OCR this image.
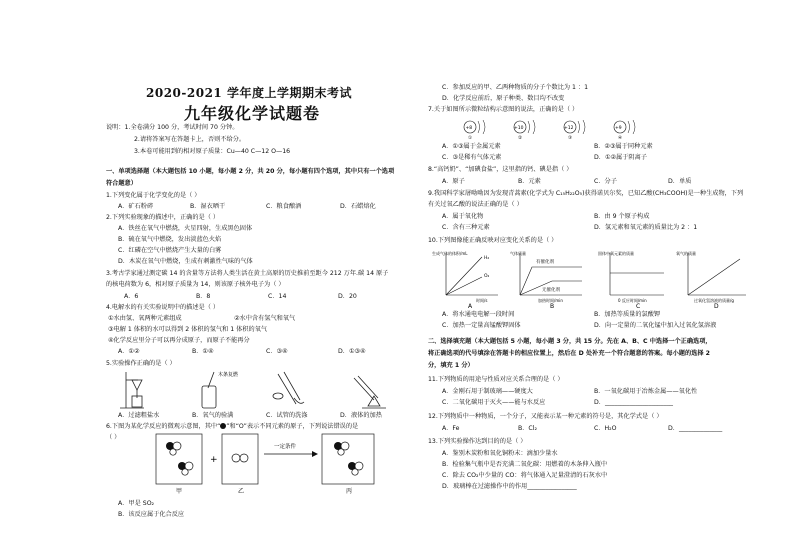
2020-2021 学年度上学期期末考试
九年级化学试题卷
说明：1.全卷满分 100 分，考试时间 70 分钟。
2.请将答案写在答题卡上，否则不给分。
3.本卷可能用到的相对原子质量：Cu—40 C—12 O—16
一、单项选择题（本大题包括 10 小题，每小题 2 分，共 20 分，每小题有四个选项，其中只有一个选项
符合题意）
1.下列变化属于化学变化的是（ ）
A．矿石粉碎	B．湿衣晒干	C．粮食酿酒	D．石蜡熔化
2.下列实验现象的描述中，正确的是（ ）
A．铁丝在氧气中燃烧，火星四射，生成黑色固体
B．硫在氧气中燃烧，发出淡蓝色火焰
C．红磷在空气中燃烧产生大量的白雾
D．木炭在氧气中燃烧，生成有刺激性气味的气体
3.考古学家通过测定碳 14 的含量等方法将人类生活在黄土高原的历史推前至距今 212 万年.碳 14 原子
的核电荷数为 6，相对原子质量为 14，则该原子核外电子为（ ）
A．6	B．8	C．14	D．20
4.电解水的有关实验说明中的描述是（ ）
①水由氢、氧两种元素组成	②水中含有氢气和氧气
③电解 1 体积的水可以得到 2 体积的氢气和 1 体积的氧气
④化学反应里分子可以再分成原子，而原子不能再分
A．①②	B．①④	C．③④	D．①③④
5.实验操作正确的是（ ）
木条复燃
A．过滤粗盐水	B．氧气的验满	C．试管的洗涤	D．液体的加热
6.下图为某化学反应的微观示意图，其中“ ”和“O”表示不同元素的原子，下列说法错误的是
（ ）
+
一定条件
甲	乙	丙
A．甲是 SO₂
B．该反应属于化合反应
C．参加反应的甲、乙两种物质的分子个数比为 1 ：1
D．化学反应前后，原子种类、数目均不改变
7.关于如图所示微粒结构示意图的说法，正确的是（ ）
+8
①
+10
②
+12
③
+9
④
A．①③属于金属元素	B．②③属于同种元素
C．③是稀有气体元素	D．①②属于阴离子
8.“高钙奶”、“加碘食盐”，这里指的钙、碘是指（ ）
A．原子	B．元素	C．分子	D．单质
9.我国科学家屠呦呦因为发现青蒿素(化学式为 C₁₅H₂₂O₅)获得诺贝尔奖，已知乙酸(CH₃COOH)是一种生成物，下列
有关过氧乙酸的说法正确的是（ ）
A．属于氧化物	B．由 9 个原子构成
C．含有三种元素	D．氢元素和氧元素的质量比为 2 ：1
10.下列图像能正确反映对应变化关系的是（ ）
生成气体的体积/mL
H₂
O₂
时间/s
A
气体质量
有催化剂
无催化剂
加热时间/min
B
固体中氧元素的质量
0 反应时间/min
C
氧气的质量
过氧化氢溶液的质量/g
D
A．将水通电电解一段时间	B．加热等质量的氯酸钾
C．加热一定量高锰酸钾固体	D．向一定量的二氧化锰中加入过氧化氢溶液
二、选择填充题（本大题包括 5 小题，每小题 3 分，共 15 分。先在 A、B、C 中选择一个正确选项，
将正确选项的代号填涂在答题卡的相应位置上，然后在 D 处补充一个符合题意的答案。每小题的选择 2
分，填充 1 分）
11.下列物质的用途与性质对应关系合理的是（ ）
A．金刚石用于制玻璃——硬度大	B．一氧化碳用于冶炼金属——氧化性
C．二氧化碳用于灭火——能与水反应	D．______________________
12.下列物质中一种物质，一个分子，又能表示某一种元素的符号是，其化学式是（ ）
A．Fe	B．Cl₂	C．H₂O	D．______________
13.下列实验操作达到目的的是（ ）
A．鉴别木炭粉和氧化铜粉末：滴加少量水
B．检验集气瓶中是否充满二氧化碳：用燃着的木条伸入瓶中
C．除去 CO₂中少量的 CO：将气体通入足量澄清的石灰水中
D．玻璃棒在过滤操作中的作用________________
